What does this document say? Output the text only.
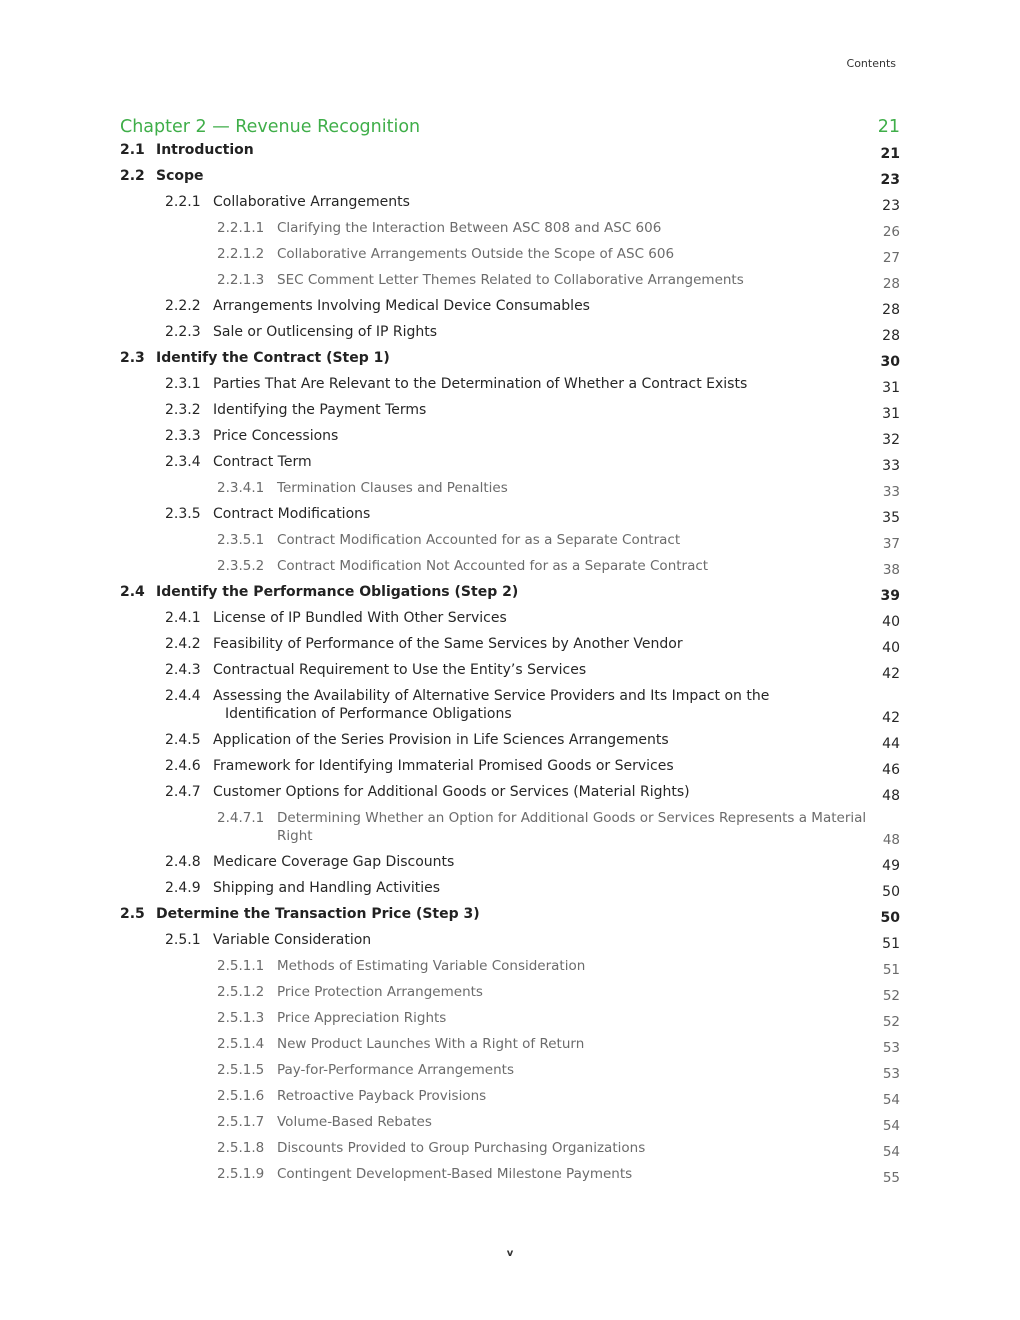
Contents
Chapter 2 — Revenue Recognition	21
2.1 Introduction	21
2.2 Scope	23
2.2.1 Collaborative Arrangements	23
2.2.1.1 Clarifying the Interaction Between ASC 808 and ASC 606	26
2.2.1.2 Collaborative Arrangements Outside the Scope of ASC 606	27
2.2.1.3 SEC Comment Letter Themes Related to Collaborative Arrangements	28
2.2.2 Arrangements Involving Medical Device Consumables	28
2.2.3 Sale or Outlicensing of IP Rights	28
2.3 Identify the Contract (Step 1)	30
2.3.1 Parties That Are Relevant to the Determination of Whether a Contract Exists	31
2.3.2 Identifying the Payment Terms	31
2.3.3 Price Concessions	32
2.3.4 Contract Term	33
2.3.4.1 Termination Clauses and Penalties	33
2.3.5 Contract Modifications	35
2.3.5.1 Contract Modification Accounted for as a Separate Contract	37
2.3.5.2 Contract Modification Not Accounted for as a Separate Contract	38
2.4 Identify the Performance Obligations (Step 2)	39
2.4.1 License of IP Bundled With Other Services	40
2.4.2 Feasibility of Performance of the Same Services by Another Vendor	40
2.4.3 Contractual Requirement to Use the Entity’s Services	42
2.4.4 Assessing the Availability of Alternative Service Providers and Its Impact on the
Identification of Performance Obligations	42
2.4.5 Application of the Series Provision in Life Sciences Arrangements	44
2.4.6 Framework for Identifying Immaterial Promised Goods or Services	46
2.4.7 Customer Options for Additional Goods or Services (Material Rights)	48
2.4.7.1 Determining Whether an Option for Additional Goods or Services Represents a Material Right	48
2.4.8 Medicare Coverage Gap Discounts	49
2.4.9 Shipping and Handling Activities	50
2.5 Determine the Transaction Price (Step 3)	50
2.5.1 Variable Consideration	51
2.5.1.1 Methods of Estimating Variable Consideration	51
2.5.1.2 Price Protection Arrangements	52
2.5.1.3 Price Appreciation Rights	52
2.5.1.4 New Product Launches With a Right of Return	53
2.5.1.5 Pay-for-Performance Arrangements	53
2.5.1.6 Retroactive Payback Provisions	54
2.5.1.7 Volume-Based Rebates	54
2.5.1.8 Discounts Provided to Group Purchasing Organizations	54
2.5.1.9 Contingent Development-Based Milestone Payments	55
v
